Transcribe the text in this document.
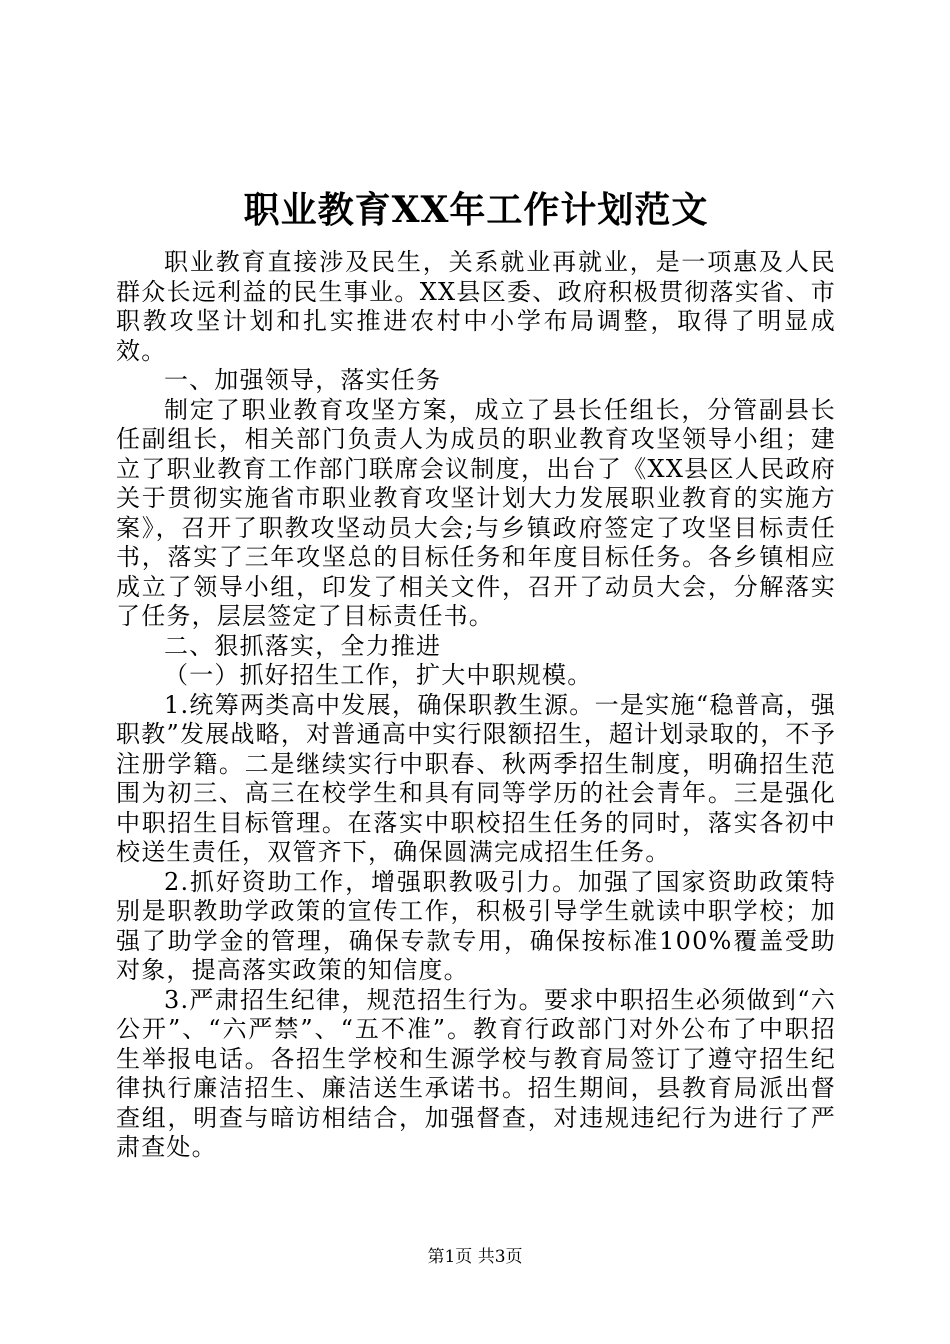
职业教育XX年工作计划范文

职业教育直接涉及民生，关系就业再就业，是一项惠及人民群众长远利益的民生事业。XX县区委、政府积极贯彻落实省、市职教攻坚计划和扎实推进农村中小学布局调整，取得了明显成效。

一、加强领导，落实任务

制定了职业教育攻坚方案，成立了县长任组长，分管副县长任副组长，相关部门负责人为成员的职业教育攻坚领导小组；建立了职业教育工作部门联席会议制度，出台了《XX县区人民政府关于贯彻实施省市职业教育攻坚计划大力发展职业教育的实施方案》，召开了职教攻坚动员大会;与乡镇政府签定了攻坚目标责任书，落实了三年攻坚总的目标任务和年度目标任务。各乡镇相应成立了领导小组，印发了相关文件，召开了动员大会，分解落实了任务，层层签定了目标责任书。

二、狠抓落实，全力推进

（一）抓好招生工作，扩大中职规模。

1.统筹两类高中发展，确保职教生源。一是实施“稳普高，强职教”发展战略，对普通高中实行限额招生，超计划录取的，不予注册学籍。二是继续实行中职春、秋两季招生制度，明确招生范围为初三、高三在校学生和具有同等学历的社会青年。三是强化中职招生目标管理。在落实中职校招生任务的同时，落实各初中校送生责任，双管齐下，确保圆满完成招生任务。

2.抓好资助工作，增强职教吸引力。加强了国家资助政策特别是职教助学政策的宣传工作，积极引导学生就读中职学校；加强了助学金的管理，确保专款专用，确保按标准100%覆盖受助对象，提高落实政策的知信度。

3.严肃招生纪律，规范招生行为。要求中职招生必须做到“六公开”、“六严禁”、“五不准”。教育行政部门对外公布了中职招生举报电话。各招生学校和生源学校与教育局签订了遵守招生纪律执行廉洁招生、廉洁送生承诺书。招生期间，县教育局派出督查组，明查与暗访相结合，加强督查，对违规违纪行为进行了严肃查处。

第1页 共3页
